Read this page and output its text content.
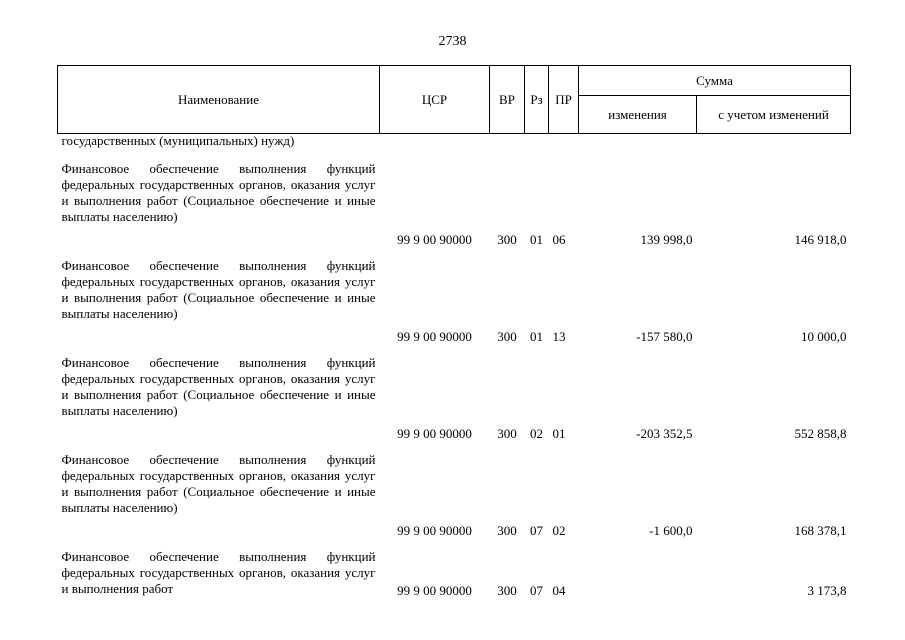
2738
Наименование	ЦСР	ВР	Рз	ПР	Сумма	
					изменения	с учетом изменений
государственных (муниципальных) нужд)						
Финансовое обеспечение выполнения функций федеральных государственных органов, оказания услуг и выполнения работ (Социальное обеспечение и иные выплаты населению)	99 9 00 90000	300	01	06	139 998,0	146 918,0
Финансовое обеспечение выполнения функций федеральных государственных органов, оказания услуг и выполнения работ (Социальное обеспечение и иные выплаты населению)	99 9 00 90000	300	01	13	-157 580,0	10 000,0
Финансовое обеспечение выполнения функций федеральных государственных органов, оказания услуг и выполнения работ (Социальное обеспечение и иные выплаты населению)	99 9 00 90000	300	02	01	-203 352,5	552 858,8
Финансовое обеспечение выполнения функций федеральных государственных органов, оказания услуг и выполнения работ (Социальное обеспечение и иные выплаты населению)	99 9 00 90000	300	07	02	-1 600,0	168 378,1
Финансовое обеспечение выполнения функций федеральных государственных органов, оказания услуг и выполнения работ	99 9 00 90000	300	07	04		3 173,8
